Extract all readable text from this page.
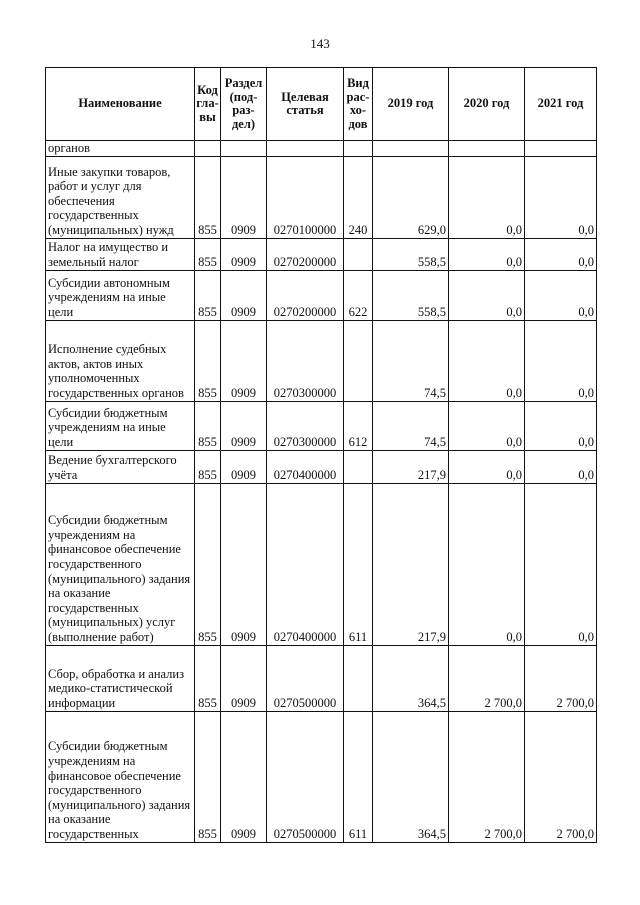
143
Наименование	Код гла-вы	Раздел (под-раз-дел)	Целевая статья	Вид рас-хо-дов	2019 год	2020 год	2021 год
органов							
Иные закупки товаров, работ и услуг для обеспечения государственных (муниципальных) нужд	855	0909	0270100000	240	629,0	0,0	0,0
Налог на имущество и земельный налог	855	0909	0270200000		558,5	0,0	0,0
Субсидии автономным учреждениям на иные цели	855	0909	0270200000	622	558,5	0,0	0,0
Исполнение судебных актов, актов иных уполномоченных государственных органов	855	0909	0270300000		74,5	0,0	0,0
Субсидии бюджетным учреждениям на иные цели	855	0909	0270300000	612	74,5	0,0	0,0
Ведение бухгалтерского учёта	855	0909	0270400000		217,9	0,0	0,0
Субсидии бюджетным учреждениям на финансовое обеспечение государственного (муниципального) задания на оказание государственных (муниципальных) услуг (выполнение работ)	855	0909	0270400000	611	217,9	0,0	0,0
Сбор, обработка и анализ медико-статистической информации	855	0909	0270500000		364,5	2 700,0	2 700,0
Субсидии бюджетным учреждениям на финансовое обеспечение государственного (муниципального) задания на оказание государственных	855	0909	0270500000	611	364,5	2 700,0	2 700,0
